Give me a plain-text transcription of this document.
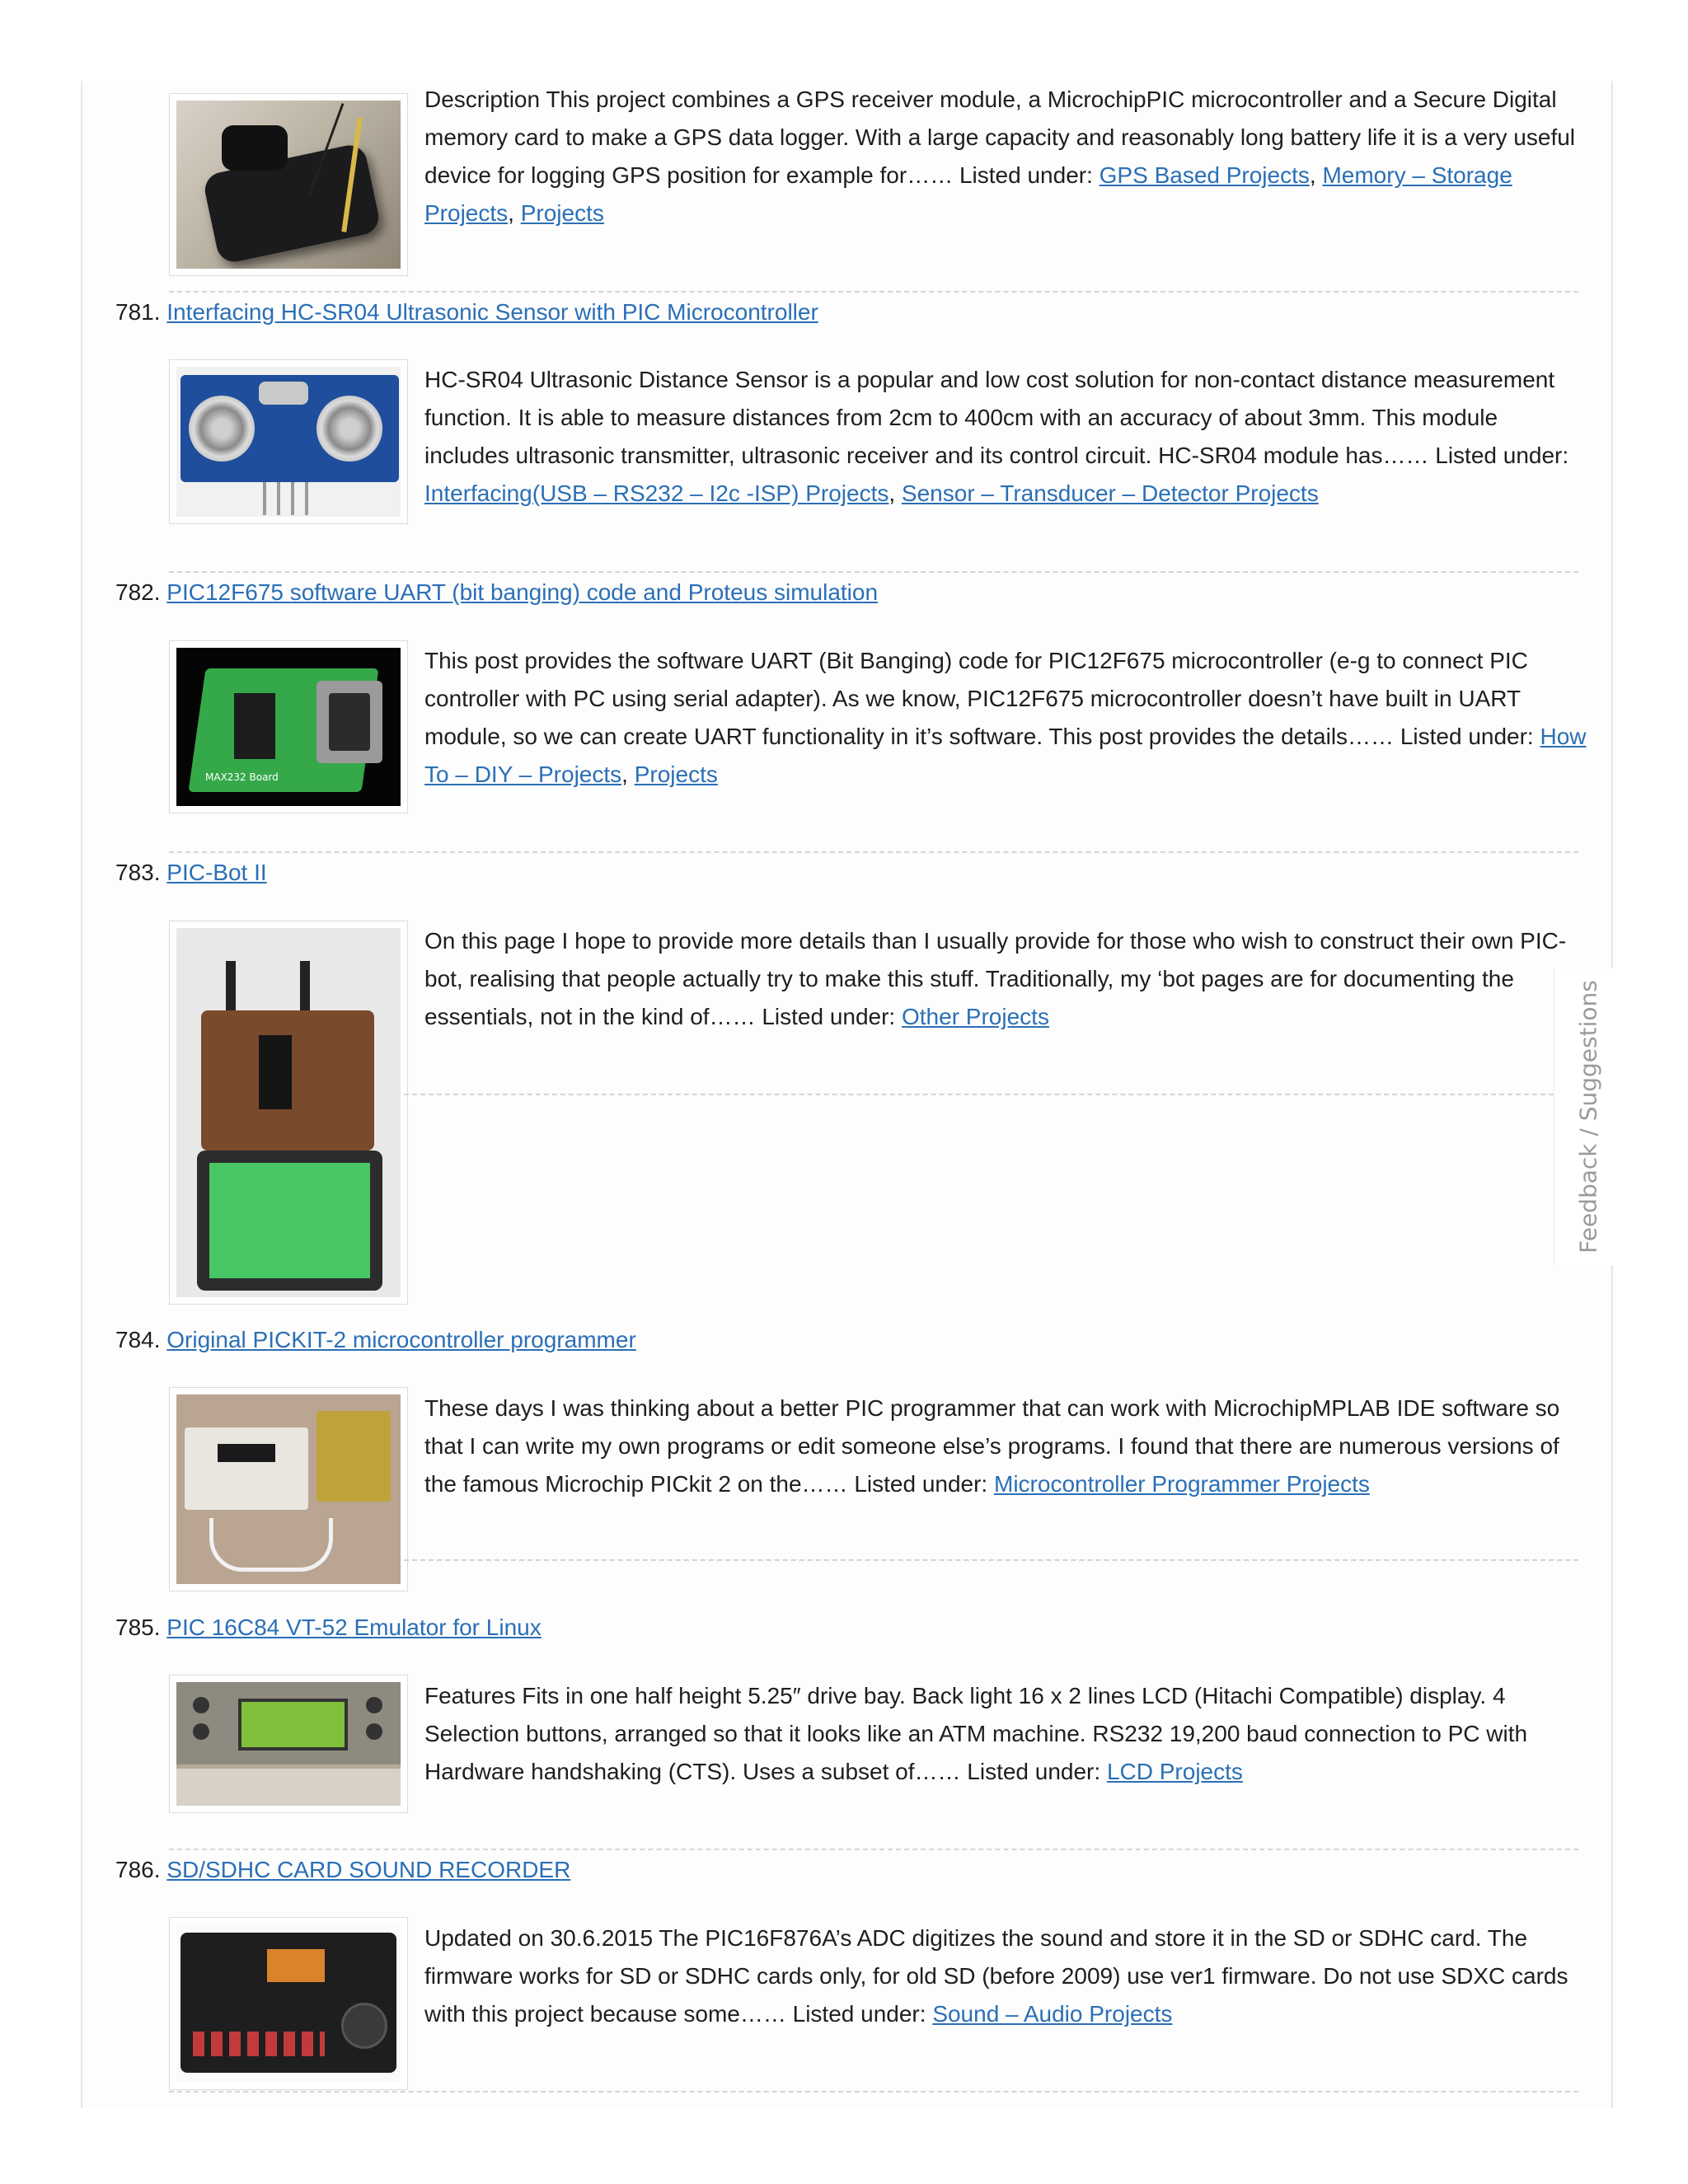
Description This project combines a GPS receiver module, a MicrochipPIC microcontroller and a Secure Digital memory card to make a GPS data logger. With a large capacity and reasonably long battery life it is a very useful device for logging GPS position for example for…… Listed under: GPS Based Projects, Memory – Storage Projects, Projects
781. Interfacing HC-SR04 Ultrasonic Sensor with PIC Microcontroller
HC-SR04 Ultrasonic Distance Sensor is a popular and low cost solution for non-contact distance measurement function. It is able to measure distances from 2cm to 400cm with an accuracy of about 3mm. This module includes ultrasonic transmitter, ultrasonic receiver and its control circuit. HC-SR04 module has…… Listed under: Interfacing(USB – RS232 – I2c -ISP) Projects, Sensor – Transducer – Detector Projects
782. PIC12F675 software UART (bit banging) code and Proteus simulation
MAX232 Board
This post provides the software UART (Bit Banging) code for PIC12F675 microcontroller (e-g to connect PIC controller with PC using serial adapter). As we know, PIC12F675 microcontroller doesn’t have built in UART module, so we can create UART functionality in it’s software. This post provides the details…… Listed under: How To – DIY – Projects, Projects
783. PIC-Bot II
On this page I hope to provide more details than I usually provide for those who wish to construct their own PIC-bot, realising that people actually try to make this stuff. Traditionally, my ‘bot pages are for documenting the essentials, not in the kind of…… Listed under: Other Projects
784. Original PICKIT-2 microcontroller programmer
These days I was thinking about a better PIC programmer that can work with MicrochipMPLAB IDE software so that I can write my own programs or edit someone else’s programs. I found that there are numerous versions of the famous Microchip PICkit 2 on the…… Listed under: Microcontroller Programmer Projects
785. PIC 16C84 VT-52 Emulator for Linux
Features Fits in one half height 5.25″ drive bay. Back light 16 x 2 lines LCD (Hitachi Compatible) display. 4 Selection buttons, arranged so that it looks like an ATM machine. RS232 19,200 baud connection to PC with Hardware handshaking (CTS). Uses a subset of…… Listed under: LCD Projects
786. SD/SDHC CARD SOUND RECORDER
Updated on 30.6.2015 The PIC16F876A’s ADC digitizes the sound and store it in the SD or SDHC card. The firmware works for SD or SDHC cards only, for old SD (before 2009) use ver1 firmware. Do not use SDXC cards with this project because some…… Listed under: Sound – Audio Projects
Feedback / Suggestions
